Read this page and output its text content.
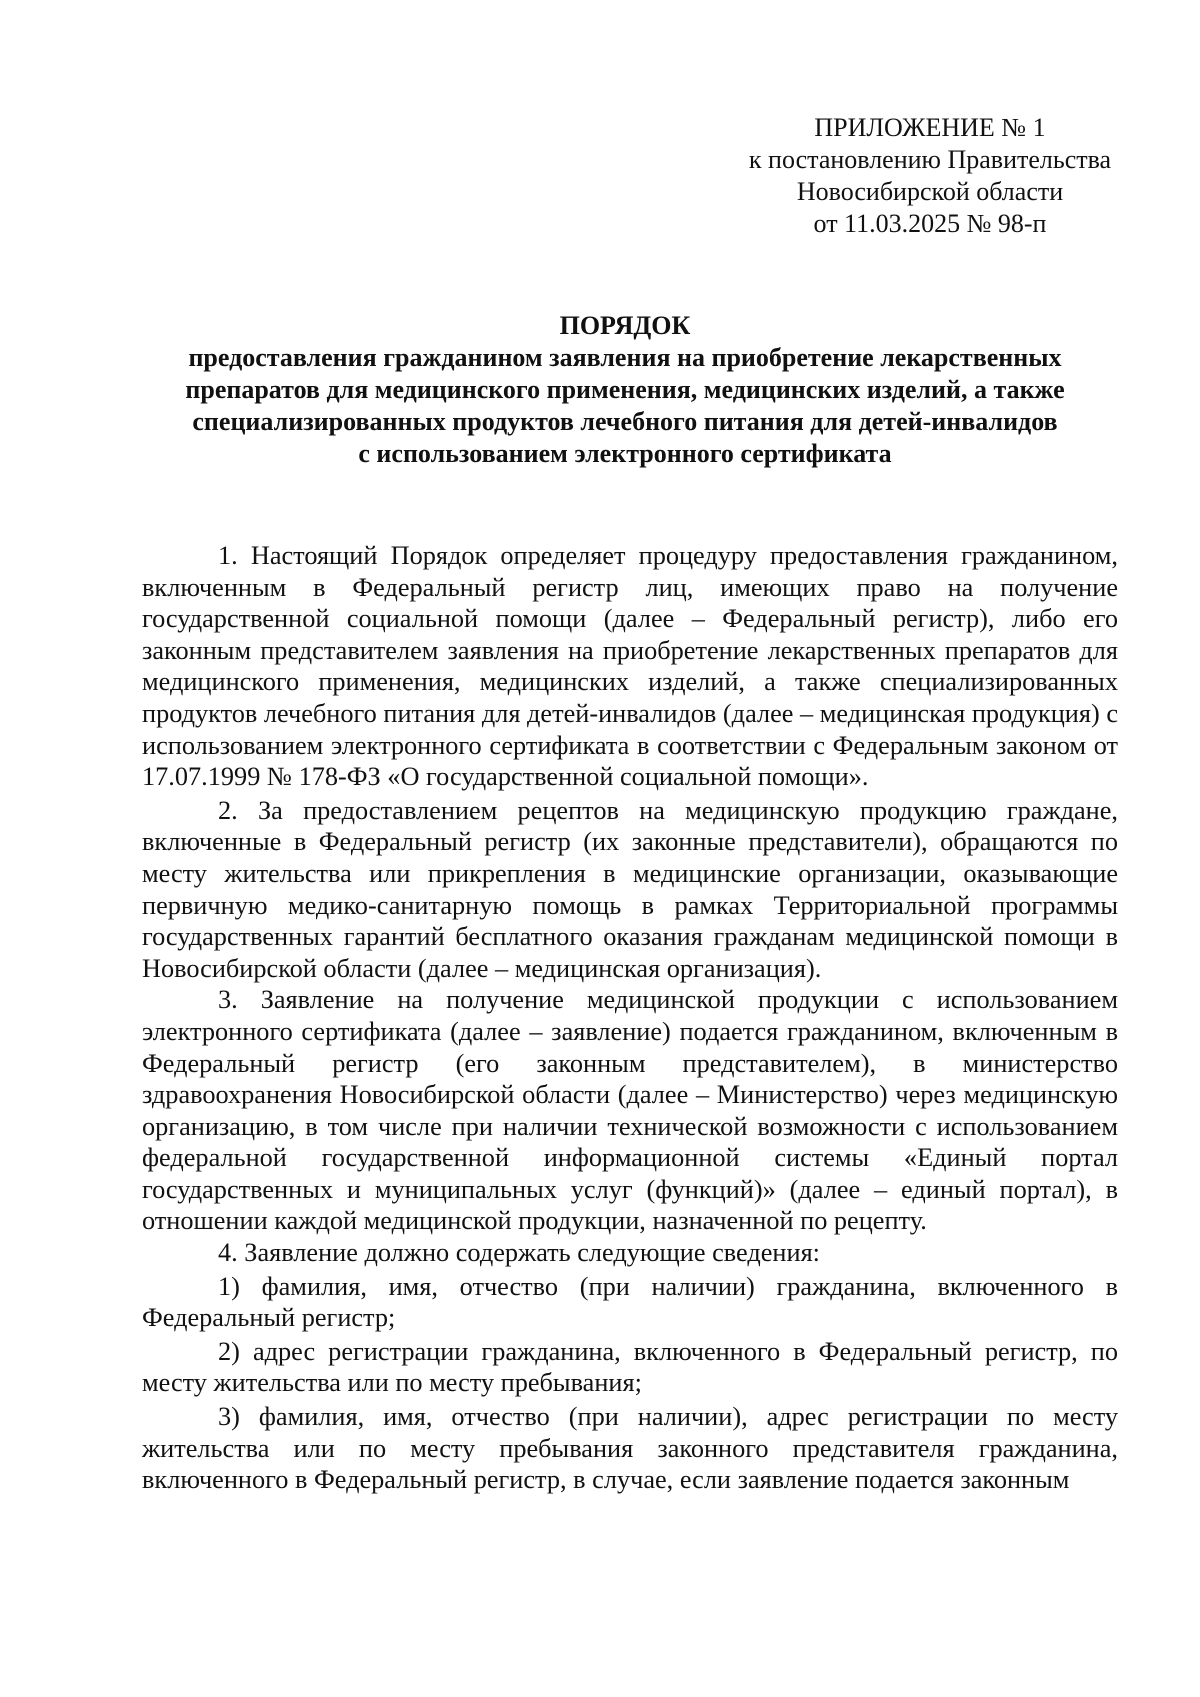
ПРИЛОЖЕНИЕ № 1
к постановлению Правительства
Новосибирской области
от 11.03.2025 № 98-п
ПОРЯДОК
предоставления гражданином заявления на приобретение лекарственных
препаратов для медицинского применения, медицинских изделий, а также
специализированных продуктов лечебного питания для детей-инвалидов
с использованием электронного сертификата

1. Настоящий Порядок определяет процедуру предоставления гражданином, включенным в Федеральный регистр лиц, имеющих право на получение государственной социальной помощи (далее – Федеральный регистр), либо его законным представителем заявления на приобретение лекарственных препаратов для медицинского применения, медицинских изделий, а также специализированных продуктов лечебного питания для детей-инвалидов (далее – медицинская продукция) с использованием электронного сертификата в соответствии с Федеральным законом от 17.07.1999 № 178-ФЗ «О государственной социальной помощи».

2. За предоставлением рецептов на медицинскую продукцию граждане, включенные в Федеральный регистр (их законные представители), обращаются по месту жительства или прикрепления в медицинские организации, оказывающие первичную медико-санитарную помощь в рамках Территориальной программы государственных гарантий бесплатного оказания гражданам медицинской помощи в Новосибирской области (далее – медицинская организация).

3. Заявление на получение медицинской продукции с использованием электронного сертификата (далее – заявление) подается гражданином, включенным в Федеральный регистр (его законным представителем), в министерство здравоохранения Новосибирской области (далее – Министерство) через медицинскую организацию, в том числе при наличии технической возможности с использованием федеральной государственной информационной системы «Единый портал государственных и муниципальных услуг (функций)» (далее – единый портал), в отношении каждой медицинской продукции, назначенной по рецепту.

4. Заявление должно содержать следующие сведения:

1) фамилия, имя, отчество (при наличии) гражданина, включенного в Федеральный регистр;

2) адрес регистрации гражданина, включенного в Федеральный регистр, по месту жительства или по месту пребывания;

3) фамилия, имя, отчество (при наличии), адрес регистрации по месту жительства или по месту пребывания законного представителя гражданина, включенного в Федеральный регистр, в случае, если заявление подается законным
